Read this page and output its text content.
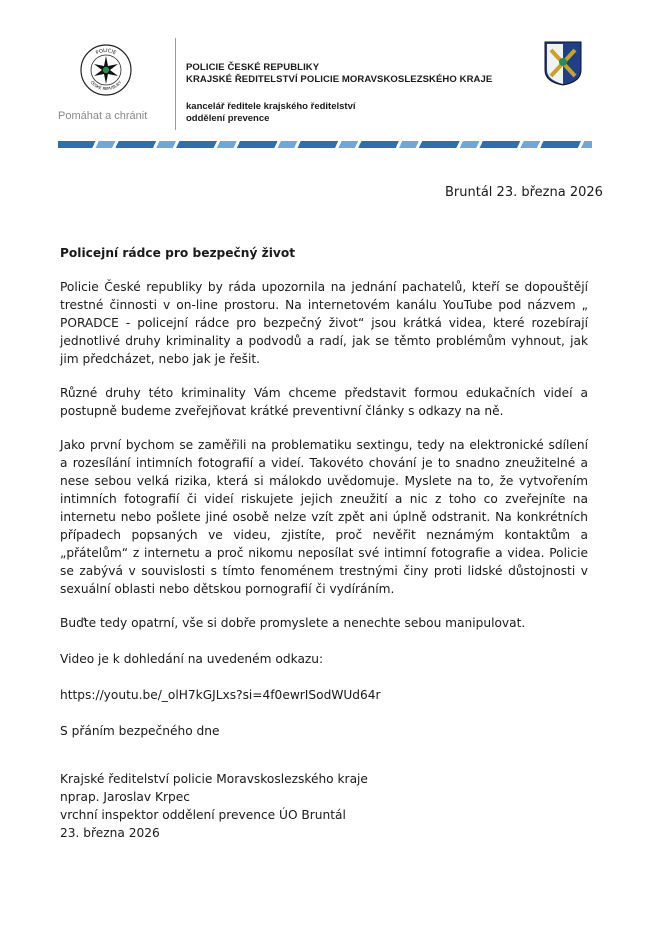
POLICIE
ČESKÉ REPUBLIKY
Pomáhat a chránit
POLICIE ČESKÉ REPUBLIKY
KRAJSKÉ ŘEDITELSTVÍ POLICIE MORAVSKOSLEZSKÉHO KRAJE
kancelář ředitele krajského ředitelství
oddělení prevence
Bruntál 23. března 2026
Policejní rádce pro bezpečný život
Policie České republiky by ráda upozornila na jednání pachatelů, kteří se dopouštějí trestné činnosti v on-line prostoru. Na internetovém kanálu YouTube pod názvem „ PORADCE - policejní rádce pro bezpečný život“ jsou krátká videa, které rozebírají jednotlivé druhy kriminality a podvodů a radí, jak se těmto problémům vyhnout, jak jim předcházet, nebo jak je řešit.
Různé druhy této kriminality Vám chceme představit formou edukačních videí a postupně budeme zveřejňovat krátké preventivní články s odkazy na ně.
Jako první bychom se zaměřili na problematiku sextingu, tedy na elektronické sdílení a rozesílání intimních fotografií a videí. Takovéto chování je to snadno zneužitelné a nese sebou velká rizika, která si málokdo uvědomuje. Myslete na to, že vytvořením intimních fotografií či videí riskujete jejich zneužití a nic z toho co zveřejníte na internetu nebo pošlete jiné osobě nelze vzít zpět ani úplně odstranit. Na konkrétních případech popsaných ve videu, zjistíte, proč nevěřit neznámým kontaktům a „přátelům“ z internetu a proč nikomu neposílat své intimní fotografie a videa. Policie se zabývá v souvislosti s tímto fenoménem trestnými činy proti lidské důstojnosti v sexuální oblasti nebo dětskou pornografií či vydíráním.
Buďte tedy opatrní, vše si dobře promyslete a nenechte sebou manipulovat.
Video je k dohledání na uvedeném odkazu:
https://youtu.be/_olH7kGJLxs?si=4f0ewrISodWUd64r
S přáním bezpečného dne
Krajské ředitelství policie Moravskoslezského kraje
nprap. Jaroslav Krpec
vrchní inspektor oddělení prevence ÚO Bruntál
23. března 2026
